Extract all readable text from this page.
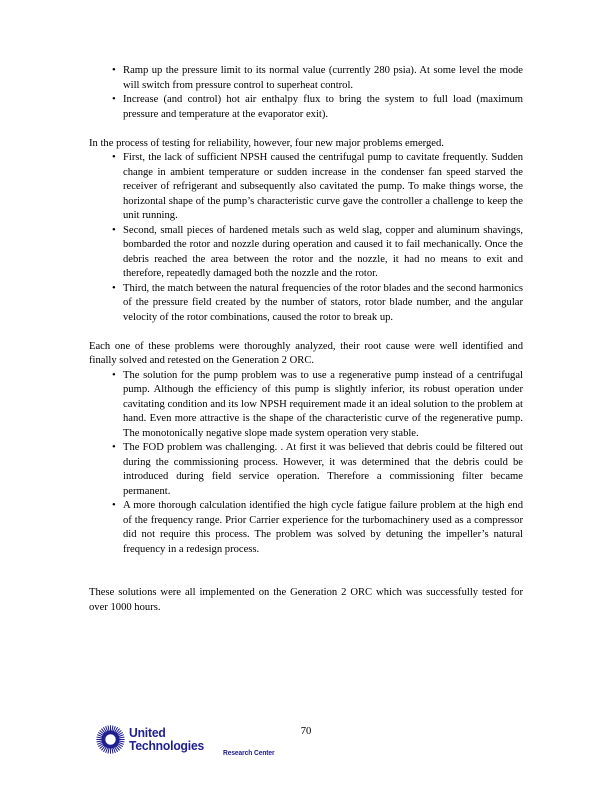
• Ramp up the pressure limit to its normal value (currently 280 psia). At some level the mode will switch from pressure control to superheat control.
• Increase (and control) hot air enthalpy flux to bring the system to full load (maximum pressure and temperature at the evaporator exit).

In the process of testing for reliability, however, four new major problems emerged.

• First, the lack of sufficient NPSH caused the centrifugal pump to cavitate frequently. Sudden change in ambient temperature or sudden increase in the condenser fan speed starved the receiver of refrigerant and subsequently also cavitated the pump. To make things worse, the horizontal shape of the pump’s characteristic curve gave the controller a challenge to keep the unit running.
• Second, small pieces of hardened metals such as weld slag, copper and aluminum shavings, bombarded the rotor and nozzle during operation and caused it to fail mechanically. Once the debris reached the area between the rotor and the nozzle, it had no means to exit and therefore, repeatedly damaged both the nozzle and the rotor.
• Third, the match between the natural frequencies of the rotor blades and the second harmonics of the pressure field created by the number of stators, rotor blade number, and the angular velocity of the rotor combinations, caused the rotor to break up.

Each one of these problems were thoroughly analyzed, their root cause were well identified and finally solved and retested on the Generation 2 ORC.

• The solution for the pump problem was to use a regenerative pump instead of a centrifugal pump. Although the efficiency of this pump is slightly inferior, its robust operation under cavitating condition and its low NPSH requirement made it an ideal solution to the problem at hand. Even more attractive is the shape of the characteristic curve of the regenerative pump. The monotonically negative slope made system operation very stable.
• The FOD problem was challenging. . At first it was believed that debris could be filtered out during the commissioning process. However, it was determined that the debris could be introduced during field service operation. Therefore a commissioning filter became permanent.
• A more thorough calculation identified the high cycle fatigue failure problem at the high end of the frequency range. Prior Carrier experience for the turbomachinery used as a compressor did not require this process. The problem was solved by detuning the impeller’s natural frequency in a redesign process.

These solutions were all implemented on the Generation 2 ORC which was successfully tested for over 1000 hours.

70
United
Technologies	Research Center
